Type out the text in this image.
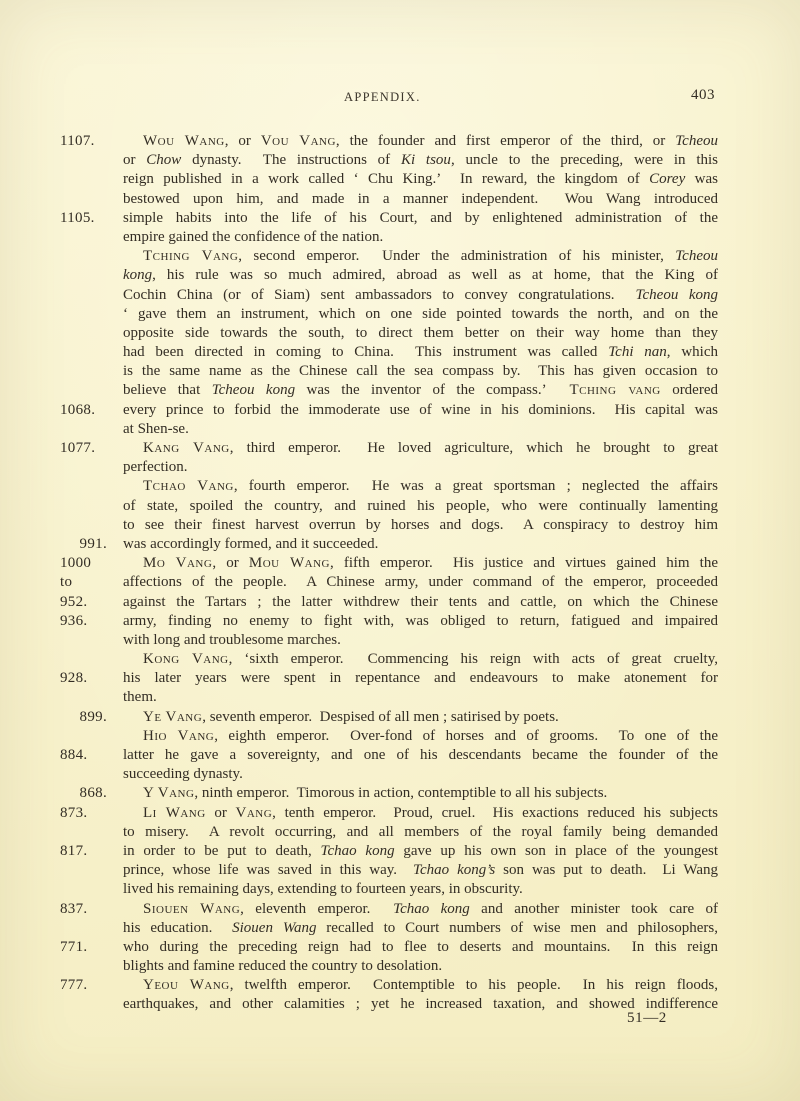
APPENDIX.	403
1107.	Wou Wang, or Vou Vang, the founder and first emperor of the third, or Tcheou
or Chow dynasty.  The instructions of Ki tsou, uncle to the preceding, were in this
reign published in a work called ‘ Chu King.’  In reward, the kingdom of Corey was
bestowed upon him, and made in a manner independent.  Wou Wang introduced
1105.	simple habits into the life of his Court, and by enlightened administration of the
empire gained the confidence of the nation.
Tching Vang, second emperor.  Under the administration of his minister, Tcheou
kong, his rule was so much admired, abroad as well as at home, that the King of
Cochin China (or of Siam) sent ambassadors to convey congratulations.  Tcheou kong
‘ gave them an instrument, which on one side pointed towards the north, and on the
opposite side towards the south, to direct them better on their way home than they
had been directed in coming to China.  This instrument was called Tchi nan, which
is the same name as the Chinese call the sea compass by.  This has given occasion to
believe that Tcheou kong was the inventor of the compass.’  Tching vang ordered
1068.	every prince to forbid the immoderate use of wine in his dominions.  His capital was
at Shen-se.
1077.	Kang Vang, third emperor.  He loved agriculture, which he brought to great
perfection.
Tchao Vang, fourth emperor.  He was a great sportsman ; neglected the affairs
of state, spoiled the country, and ruined his people, who were continually lamenting
to see their finest harvest overrun by horses and dogs.  A conspiracy to destroy him
991. was accordingly formed, and it succeeded.
1000	Mo Vang, or Mou Wang, fifth emperor.  His justice and virtues gained him the
to	affections of the people.  A Chinese army, under command of the emperor, proceeded
952.	against the Tartars ; the latter withdrew their tents and cattle, on which the Chinese
936.	army, finding no enemy to fight with, was obliged to return, fatigued and impaired
with long and troublesome marches.
Kong Vang, ‘sixth emperor.  Commencing his reign with acts of great cruelty,
928.	his later years were spent in repentance and endeavours to make atonement for
them.
899. Ye Vang, seventh emperor.  Despised of all men ; satirised by poets.
Hio Vang, eighth emperor.  Over-fond of horses and of grooms.  To one of the
884.	latter he gave a sovereignty, and one of his descendants became the founder of the
succeeding dynasty.
868. Y Vang, ninth emperor.  Timorous in action, contemptible to all his subjects.
873.	Li Wang or Vang, tenth emperor.  Proud, cruel.  His exactions reduced his subjects
to misery.  A revolt occurring, and all members of the royal family being demanded
817.	in order to be put to death, Tchao kong gave up his own son in place of the youngest
prince, whose life was saved in this way.  Tchao kong’s son was put to death.  Li Wang
lived his remaining days, extending to fourteen years, in obscurity.
837.	Siouen Wang, eleventh emperor.  Tchao kong and another minister took care of
his education.  Siouen Wang recalled to Court numbers of wise men and philosophers,
771.	who during the preceding reign had to flee to deserts and mountains.  In this reign
blights and famine reduced the country to desolation.
777.	Yeou Wang, twelfth emperor.  Contemptible to his people.  In his reign floods,
earthquakes, and other calamities ; yet he increased taxation, and showed indifference
51—2
